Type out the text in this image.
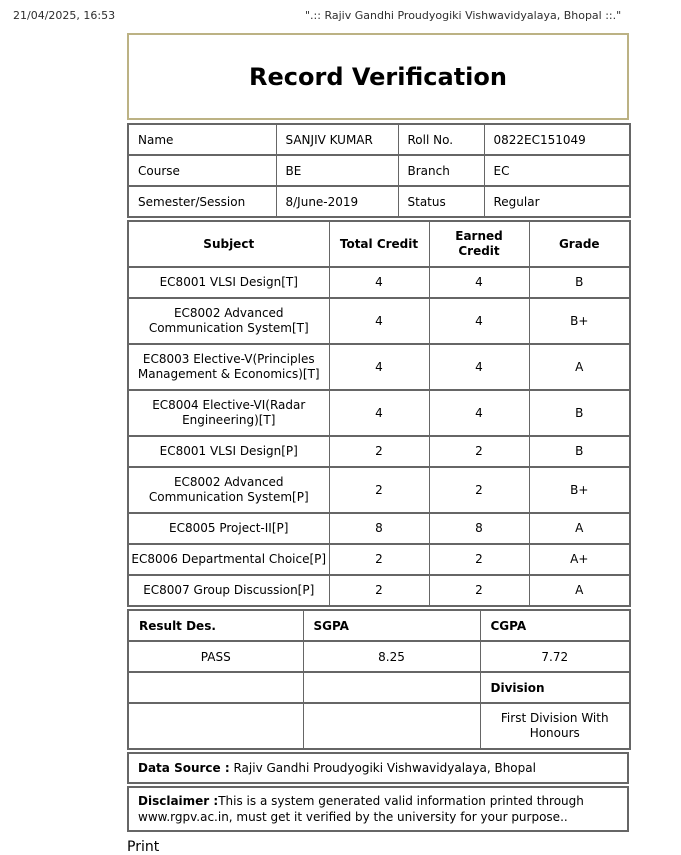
21/04/2025, 16:53	".:: Rajiv Gandhi Proudyogiki Vishwavidyalaya, Bhopal ::."
Record Verification
Name	SANJIV KUMAR	Roll No.	0822EC151049
Course	BE	Branch	EC
Semester/Session	8/June-2019	Status	Regular
Subject	Total Credit	Earned Credit	Grade
EC8001 VLSI Design[T]	4	4	B
EC8002 Advanced Communication System[T]	4	4	B+
EC8003 Elective-V(Principles Management & Economics)[T]	4	4	A
EC8004 Elective-VI(Radar Engineering)[T]	4	4	B
EC8001 VLSI Design[P]	2	2	B
EC8002 Advanced Communication System[P]	2	2	B+
EC8005 Project-II[P]	8	8	A
EC8006 Departmental Choice[P]	2	2	A+
EC8007 Group Discussion[P]	2	2	A
Result Des.	SGPA	CGPA
PASS	8.25	7.72
		Division
		First Division With Honours
Data Source : Rajiv Gandhi Proudyogiki Vishwavidyalaya, Bhopal
Disclaimer :This is a system generated valid information printed through www.rgpv.ac.in, must get it verified by the university for your purpose..
Print
